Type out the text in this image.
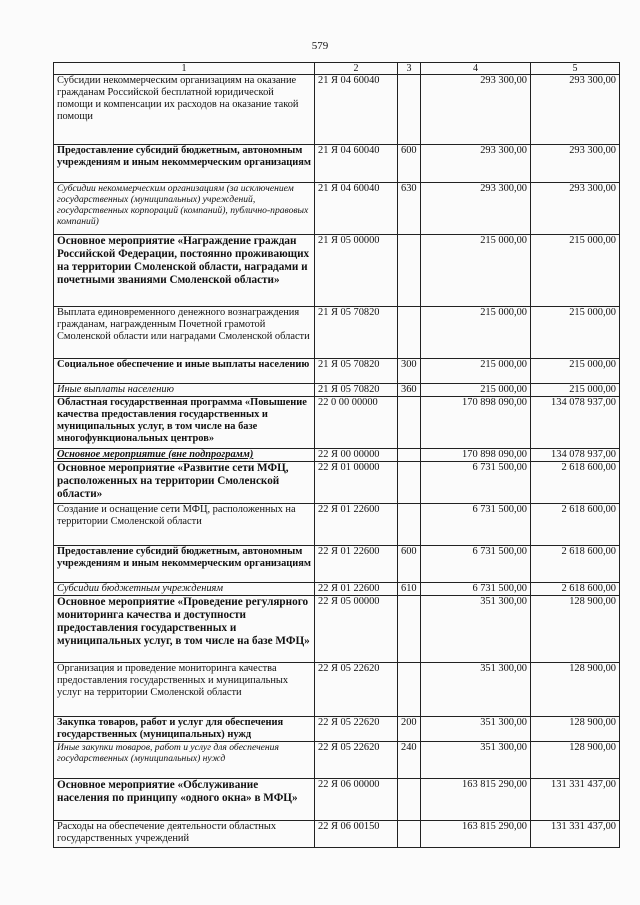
579
1	2	3	4	5
Субсидии некоммерческим организациям на оказание гражданам Российской бесплатной юридической помощи и компенсации их расходов на оказание такой помощи	21 Я 04 60040		293 300,00	293 300,00
Предоставление субсидий бюджетным, автономным учреждениям и иным некоммерческим организациям	21 Я 04 60040	600	293 300,00	293 300,00
Субсидии некоммерческим организациям (за исключением государственных (муниципальных) учреждений, государственных корпораций (компаний), публично-правовых компаний)	21 Я 04 60040	630	293 300,00	293 300,00
Основное мероприятие «Награждение граждан Российской Федерации, постоянно проживающих на территории Смоленской области, наградами и почетными званиями Смоленской области»	21 Я 05 00000		215 000,00	215 000,00
Выплата единовременного денежного вознаграждения гражданам, награжденным Почетной грамотой Смоленской области или наградами Смоленской области	21 Я 05 70820		215 000,00	215 000,00
Социальное обеспечение и иные выплаты населению	21 Я 05 70820	300	215 000,00	215 000,00
Иные выплаты населению	21 Я 05 70820	360	215 000,00	215 000,00
Областная государственная программа «Повышение качества предоставления государственных и муниципальных услуг, в том числе на базе многофункциональных центров»	22 0 00 00000		170 898 090,00	134 078 937,00
Основное мероприятие (вне подпрограмм)	22 Я 00 00000		170 898 090,00	134 078 937,00
Основное мероприятие «Развитие сети МФЦ, расположенных на территории Смоленской области»	22 Я 01 00000		6 731 500,00	2 618 600,00
Создание и оснащение сети МФЦ, расположенных на территории Смоленской области	22 Я 01 22600		6 731 500,00	2 618 600,00
Предоставление субсидий бюджетным, автономным учреждениям и иным некоммерческим организациям	22 Я 01 22600	600	6 731 500,00	2 618 600,00
Субсидии бюджетным учреждениям	22 Я 01 22600	610	6 731 500,00	2 618 600,00
Основное мероприятие «Проведение регулярного мониторинга качества и доступности предоставления государственных и муниципальных услуг, в том числе на базе МФЦ»	22 Я 05 00000		351 300,00	128 900,00
Организация и проведение мониторинга качества предоставления государственных и муниципальных услуг на территории Смоленской области	22 Я 05 22620		351 300,00	128 900,00
Закупка товаров, работ и услуг для обеспечения государственных (муниципальных) нужд	22 Я 05 22620	200	351 300,00	128 900,00
Иные закупки товаров, работ и услуг для обеспечения государственных (муниципальных) нужд	22 Я 05 22620	240	351 300,00	128 900,00
Основное мероприятие «Обслуживание населения по принципу «одного окна» в МФЦ»	22 Я 06 00000		163 815 290,00	131 331 437,00
Расходы на обеспечение деятельности областных государственных учреждений	22 Я 06 00150		163 815 290,00	131 331 437,00
